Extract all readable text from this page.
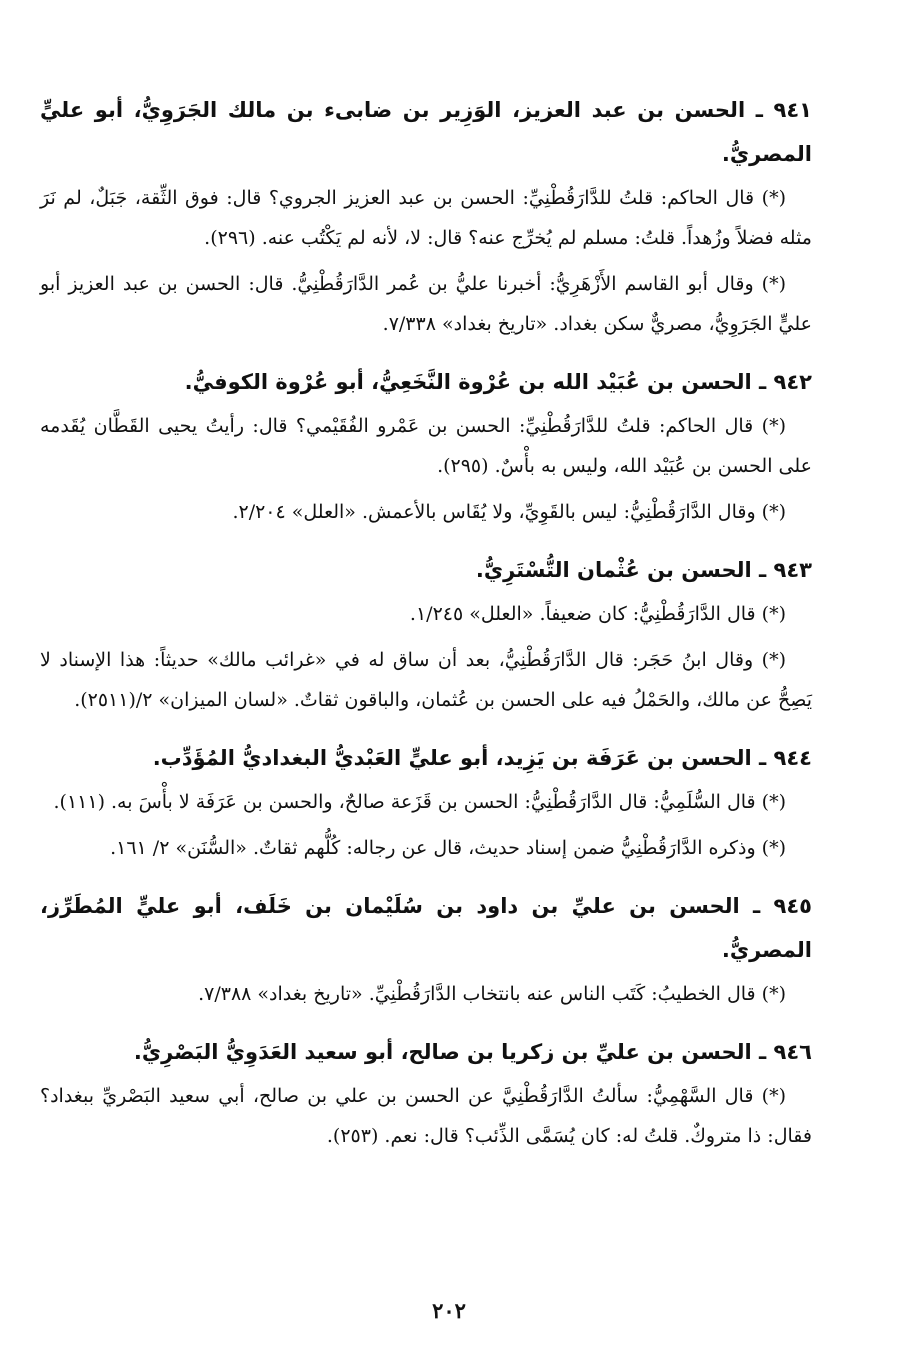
٩٤١ ـ الحسن بن عبد العزيز، الوَزِير بن ضابىء بن مالك الجَرَوِيُّ، أبو عليٍّ المصريُّ.

(*) قال الحاكم: قلتُ للدَّارَقُطْنِيِّ: الحسن بن عبد العزيز الجروي؟ قال: فوق الثِّقة، جَبَلٌ، لم نَرَ مثله فضلاً وزُهداً. قلتُ: مسلم لم يُخرِّج عنه؟ قال: لا، لأنه لم يَكْتُب عنه. (٢٩٦).

(*) وقال أبو القاسم الأَزْهَرِيُّ: أخبرنا عليُّ بن عُمر الدَّارَقُطْنِيُّ. قال: الحسن بن عبد العزيز أبو عليٍّ الجَرَوِيُّ، مصريٌّ سكن بغداد. «تاريخ بغداد» ٧/٣٣٨.

٩٤٢ ـ الحسن بن عُبَيْد الله بن عُرْوة النَّخَعِيُّ، أبو عُرْوة الكوفيُّ.

(*) قال الحاكم: قلتُ للدَّارَقُطْنِيِّ: الحسن بن عَمْرو الفُقَيْمي؟ قال: رأيتُ يحيى القَطَّان يُقَدمه على الحسن بن عُبَيْد الله، وليس به بأْسٌ. (٢٩٥).

(*) وقال الدَّارَقُطْنِيُّ: ليس بالقَوِيِّ، ولا يُقَاس بالأعمش. «العلل» ٢/٢٠٤.

٩٤٣ ـ الحسن بن عُثْمان التُّسْتَرِيُّ.

(*) قال الدَّارَقُطْنِيُّ: كان ضعيفاً. «العلل» ١/٢٤٥.

(*) وقال ابنُ حَجَر: قال الدَّارَقُطْنِيُّ، بعد أن ساق له في «غرائب مالك» حديثاً: هذا الإسناد لا يَصِحُّ عن مالك، والحَمْلُ فيه على الحسن بن عُثمان، والباقون ثقاتٌ. «لسان الميزان» ٢/(٢٥١١).

٩٤٤ ـ الحسن بن عَرَفَة بن يَزِيد، أبو عليٍّ العَبْديُّ البغداديُّ المُؤَدِّب.

(*) قال السُّلَمِيُّ: قال الدَّارَقُطْنِيُّ: الحسن بن قَزَعة صالحٌ، والحسن بن عَرَفَة لا بأْسَ به. (١١١).

(*) وذكره الدَّارَقُطْنِيُّ ضمن إسناد حديث، قال عن رجاله: كُلُّهم ثقاتٌ. «السُّنَن» ٢/ ١٦١.

٩٤٥ ـ الحسن بن عليِّ بن داود بن سُلَيْمان بن خَلَف، أبو عليٍّ المُطَرِّز، المصريُّ.

(*) قال الخطيبُ: كَتَب الناس عنه بانتخاب الدَّارَقُطْنِيِّ. «تاريخ بغداد» ٧/٣٨٨.

٩٤٦ ـ الحسن بن عليِّ بن زكريا بن صالح، أبو سعيد العَدَوِيُّ البَصْرِيُّ.

(*) قال السَّهْمِيُّ: سألتُ الدَّارَقُطْنِيَّ عن الحسن بن علي بن صالح، أبي سعيد البَصْريِّ ببغداد؟ فقال: ذا متروكٌ. قلتُ له: كان يُسَمَّى الذِّئب؟ قال: نعم. (٢٥٣).

٢٠٢
